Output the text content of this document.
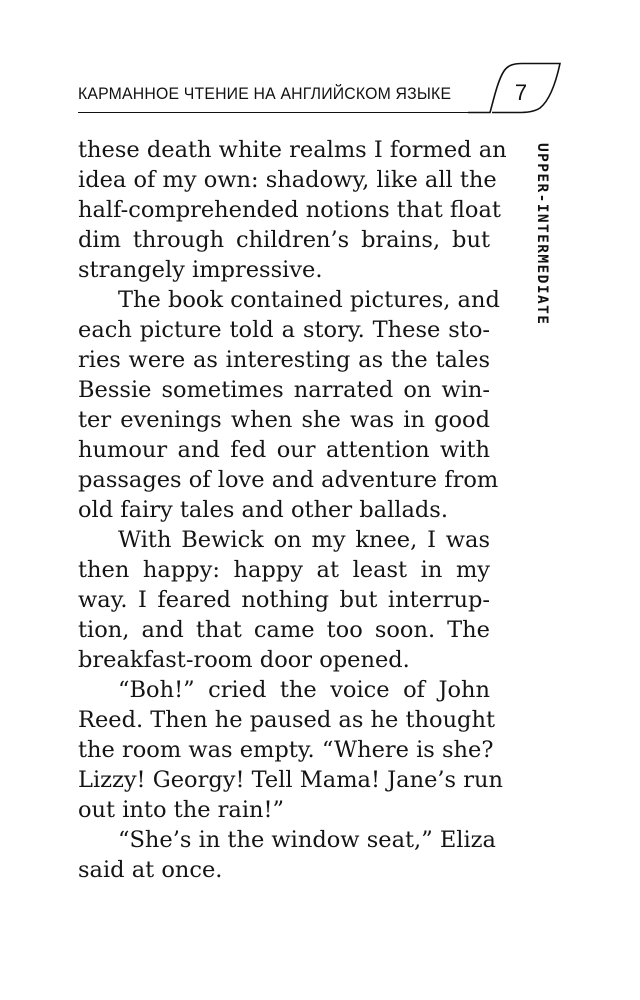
КАРМАННОЕ ЧТЕНИЕ НА АНГЛИЙСКОМ ЯЗЫКЕ	7
UPPER-INTERMEDIATE
these death white realms I formed an
idea of my own: shadowy, like all the
half-comprehended notions that float
dim through children’s brains, but
strangely impressive.
The book contained pictures, and
each picture told a story. These sto-
ries were as interesting as the tales
Bessie sometimes narrated on win-
ter evenings when she was in good
humour and fed our attention with
passages of love and adventure from
old fairy tales and other ballads.
With Bewick on my knee, I was
then happy: happy at least in my
way. I feared nothing but interrup-
tion, and that came too soon. The
breakfast-room door opened.
“Boh!” cried the voice of John
Reed. Then he paused as he thought
the room was empty. “Where is she?
Lizzy! Georgy! Tell Mama! Jane’s run
out into the rain!”
“She’s in the window seat,” Eliza
said at once.
